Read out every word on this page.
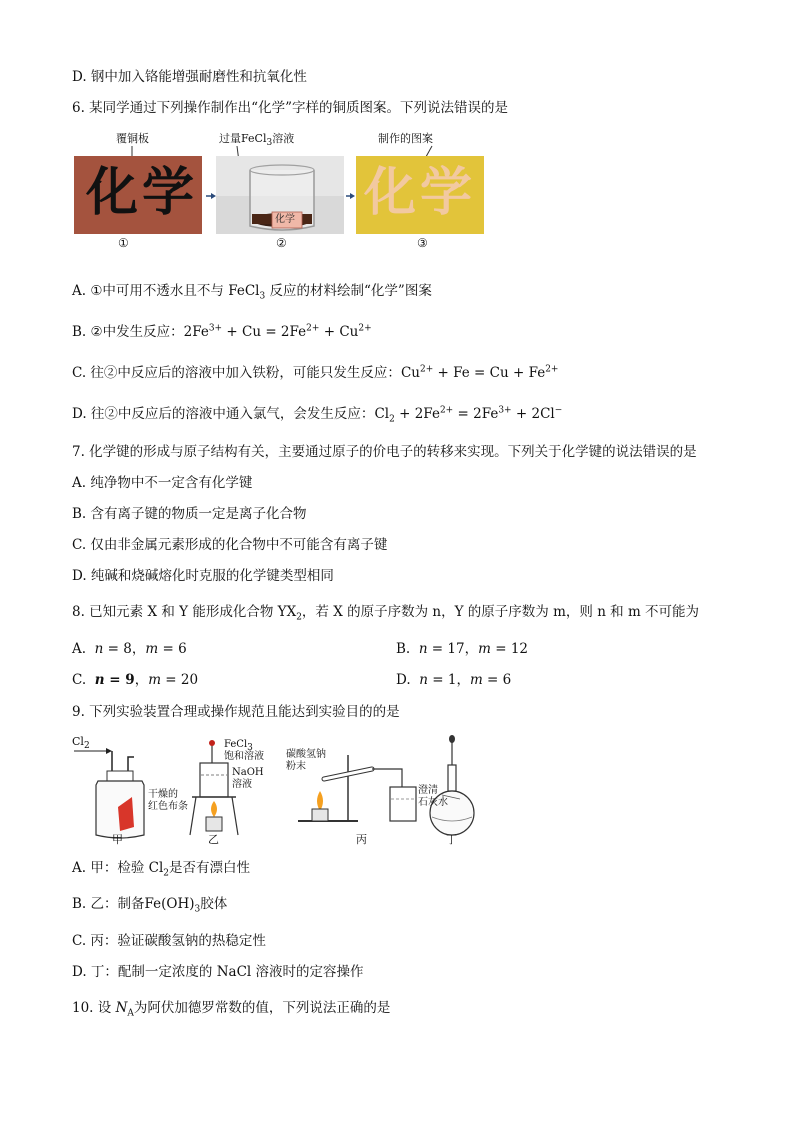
D. 钢中加入铬能增强耐磨性和抗氧化性
6. 某同学通过下列操作制作出“化学”字样的铜质图案。下列说法错误的是
覆铜板	过量FeCl$_3$溶液	制作的图案
化学	化学 化学
①	②	③
A. ①中可用不透水且不与 FeCl$_3$ 反应的材料绘制“化学”图案
B. ②中发生反应：$2Fe^{3+} + Cu = 2Fe^{2+} + Cu^{2+}$
C. 往②中反应后的溶液中加入铁粉，可能只发生反应：$Cu^{2+} + Fe = Cu + Fe^{2+}$
D. 往②中反应后的溶液中通入氯气，会发生反应：$Cl_2 + 2Fe^{2+} = 2Fe^{3+} + 2Cl^-$
7. 化学键的形成与原子结构有关，主要通过原子的价电子的转移来实现。下列关于化学键的说法错误的是
A. 纯净物中不一定含有化学键
B. 含有离子键的物质一定是离子化合物
C. 仅由非金属元素形成的化合物中不可能含有离子键
D. 纯碱和烧碱熔化时克服的化学键类型相同
8. 已知元素 X 和 Y 能形成化合物 $YX_2$，若 X 的原子序数为 n，Y 的原子序数为 m，则 n 和 m 不可能为
A. n = 8，m = 6	B. n = 17，m = 12
C. n = 9，m = 20	D. n = 1，m = 6
9. 下列实验装置合理或操作规范且能达到实验目的的是
$Cl_2$
干燥的
红色布条
FeCl$_3$
饱和溶液
NaOH
溶液
碳酸氢钠
粉末
澄清
石灰水
甲	乙	丙	丁
A. 甲：检验 $Cl_2$是否有漂白性
B. 乙：制备$Fe(OH)_3$胶体
C. 丙：验证碳酸氢钠的热稳定性
D. 丁：配制一定浓度的 NaCl 溶液时的定容操作
10. 设 $N_A$为阿伏加德罗常数的值，下列说法正确的是
